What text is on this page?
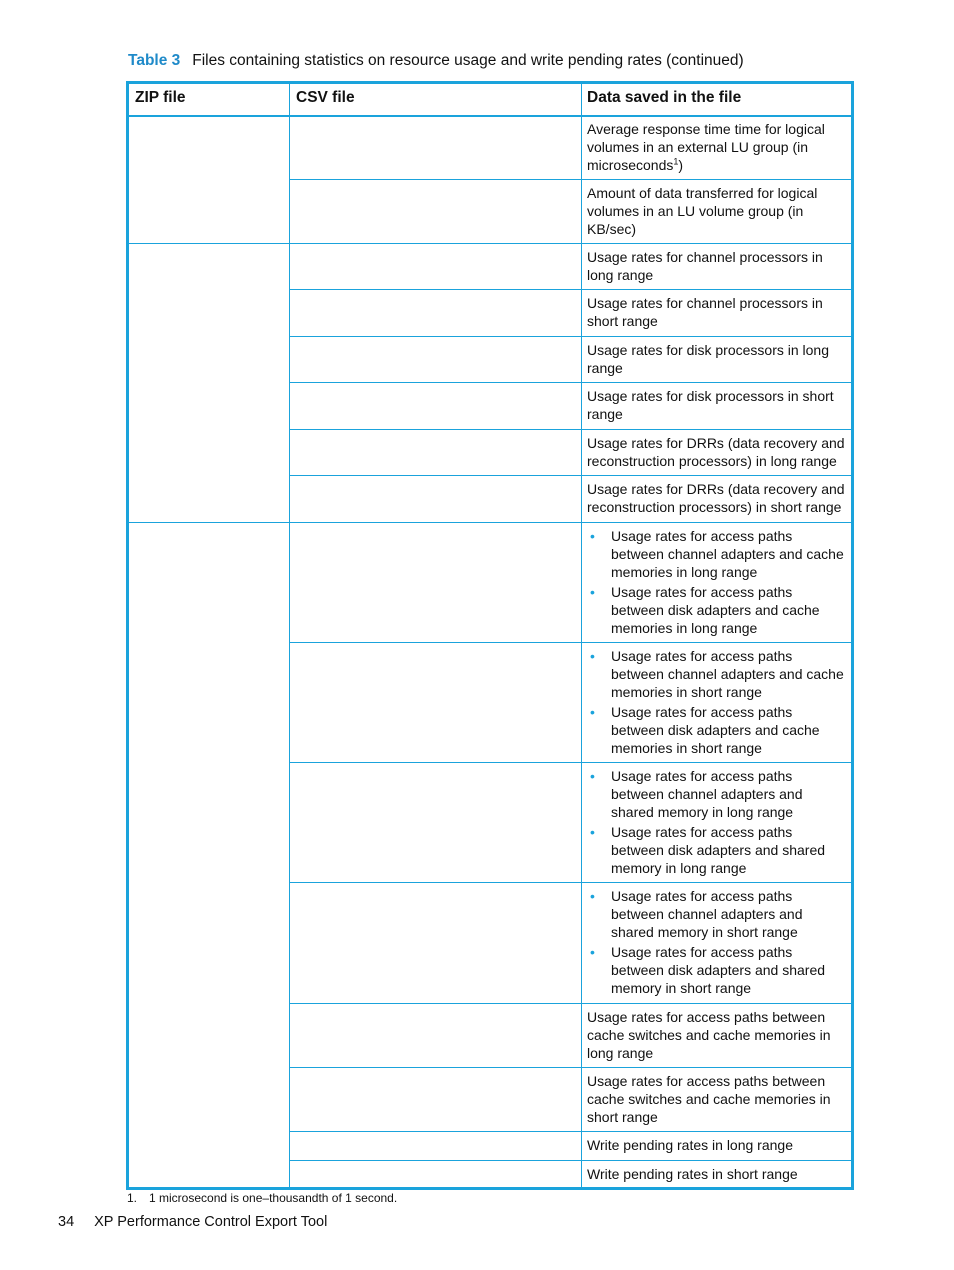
Table 3 Files containing statistics on resource usage and write pending rates (continued)
ZIP file	CSV file	Data saved in the file
Average response time time for logical volumes in an external LU group (in microseconds$^1$)
Amount of data transferred for logical volumes in an LU volume group (in KB/sec)
Usage rates for channel processors in long range
Usage rates for channel processors in short range
Usage rates for disk processors in long range
Usage rates for disk processors in short range
Usage rates for DRRs (data recovery and reconstruction processors) in long range
Usage rates for DRRs (data recovery and reconstruction processors) in short range
• Usage rates for access paths between channel adapters and cache memories in long range
• Usage rates for access paths between disk adapters and cache memories in long range
• Usage rates for access paths between channel adapters and cache memories in short range
• Usage rates for access paths between disk adapters and cache memories in short range
• Usage rates for access paths between channel adapters and shared memory in long range
• Usage rates for access paths between disk adapters and shared memory in long range
• Usage rates for access paths between channel adapters and shared memory in short range
• Usage rates for access paths between disk adapters and shared memory in short range
Usage rates for access paths between cache switches and cache memories in long range
Usage rates for access paths between cache switches and cache memories in short range
Write pending rates in long range
Write pending rates in short range
1. 1 microsecond is one–thousandth of 1 second.
34 XP Performance Control Export Tool
